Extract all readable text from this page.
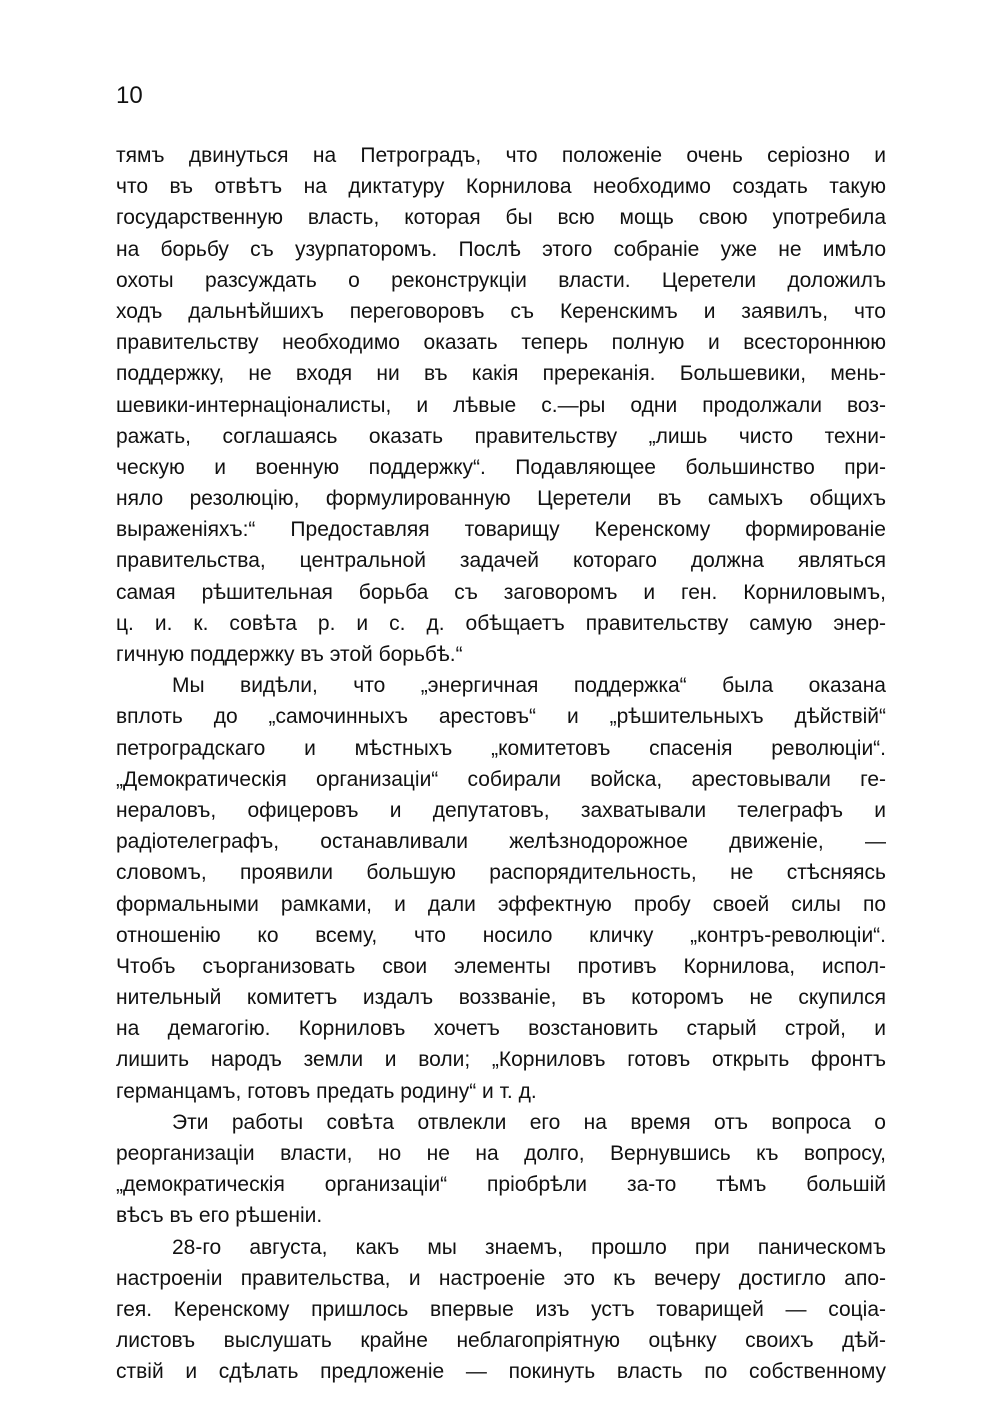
10
тямъ двинуться на Петроградъ, что положеніе очень серіозно и
что въ отвѣтъ на диктатуру Корнилова необходимо создать такую
государственную власть, которая бы всю мощь свою употребила
на борьбу съ узурпаторомъ. Послѣ этого собраніе уже не имѣло
охоты разсуждать о реконструкціи власти. Церетели доложилъ
ходъ дальнѣйшихъ переговоровъ съ Керенскимъ и заявилъ, что
правительству необходимо оказать теперь полную и всестороннюю
поддержку, не входя ни въ какія пререканія. Большевики, мень-
шевики-интернаціоналисты, и лѣвые с.—ры одни продолжали воз-
ражать, соглашаясь оказать правительству „лишь чисто техни-
ческую и военную поддержку“. Подавляющее большинство при-
няло резолюцію, формулированную Церетели въ самыхъ общихъ
выраженіяхъ:“ Предоставляя товарищу Керенскому формированіе
правительства, центральной задачей котораго должна являться
самая рѣшительная борьба съ заговоромъ и ген. Корниловымъ,
ц. и. к. совѣта р. и с. д. обѣщаетъ правительству самую энер-
гичную поддержку въ этой борьбѣ.“
Мы видѣли, что „энергичная поддержка“ была оказана
вплоть до „самочинныхъ арестовъ“ и „рѣшительныхъ дѣйствій“
петроградскаго и мѣстныхъ „комитетовъ спасенія революціи“.
„Демократическія организаціи“ собирали войска, арестовывали ге-
нераловъ, офицеровъ и депутатовъ, захватывали телеграфъ и
радіотелеграфъ, останавливали желѣзнодорожное движеніе, —
словомъ, проявили большую распорядительность, не стѣсняясь
формальными рамками, и дали эффектную пробу своей силы по
отношенію ко всему, что носило кличку „контръ-революціи“.
Чтобъ съорганизовать свои элементы противъ Корнилова, испол-
нительный комитетъ издалъ воззваніе, въ которомъ не скупился
на демагогію. Корниловъ хочетъ возстановить старый строй, и
лишить народъ земли и воли; „Корниловъ готовъ открыть фронтъ
германцамъ, готовъ предать родину“ и т. д.
Эти работы совѣта отвлекли его на время отъ вопроса о
реорганизаціи власти, но не на долго, Вернувшись къ вопросу,
„демократическія организаціи“ пріобрѣли за-то тѣмъ большій
вѣсъ въ его рѣшеніи.
28-го августа, какъ мы знаемъ, прошло при паническомъ
настроеніи правительства, и настроеніе это къ вечеру достигло апо-
гея. Керенскому пришлось впервые изъ устъ товарищей — соціа-
листовъ выслушать крайне неблагопріятную оцѣнку своихъ дѣй-
ствій и сдѣлать предложеніе — покинуть власть по собственному
